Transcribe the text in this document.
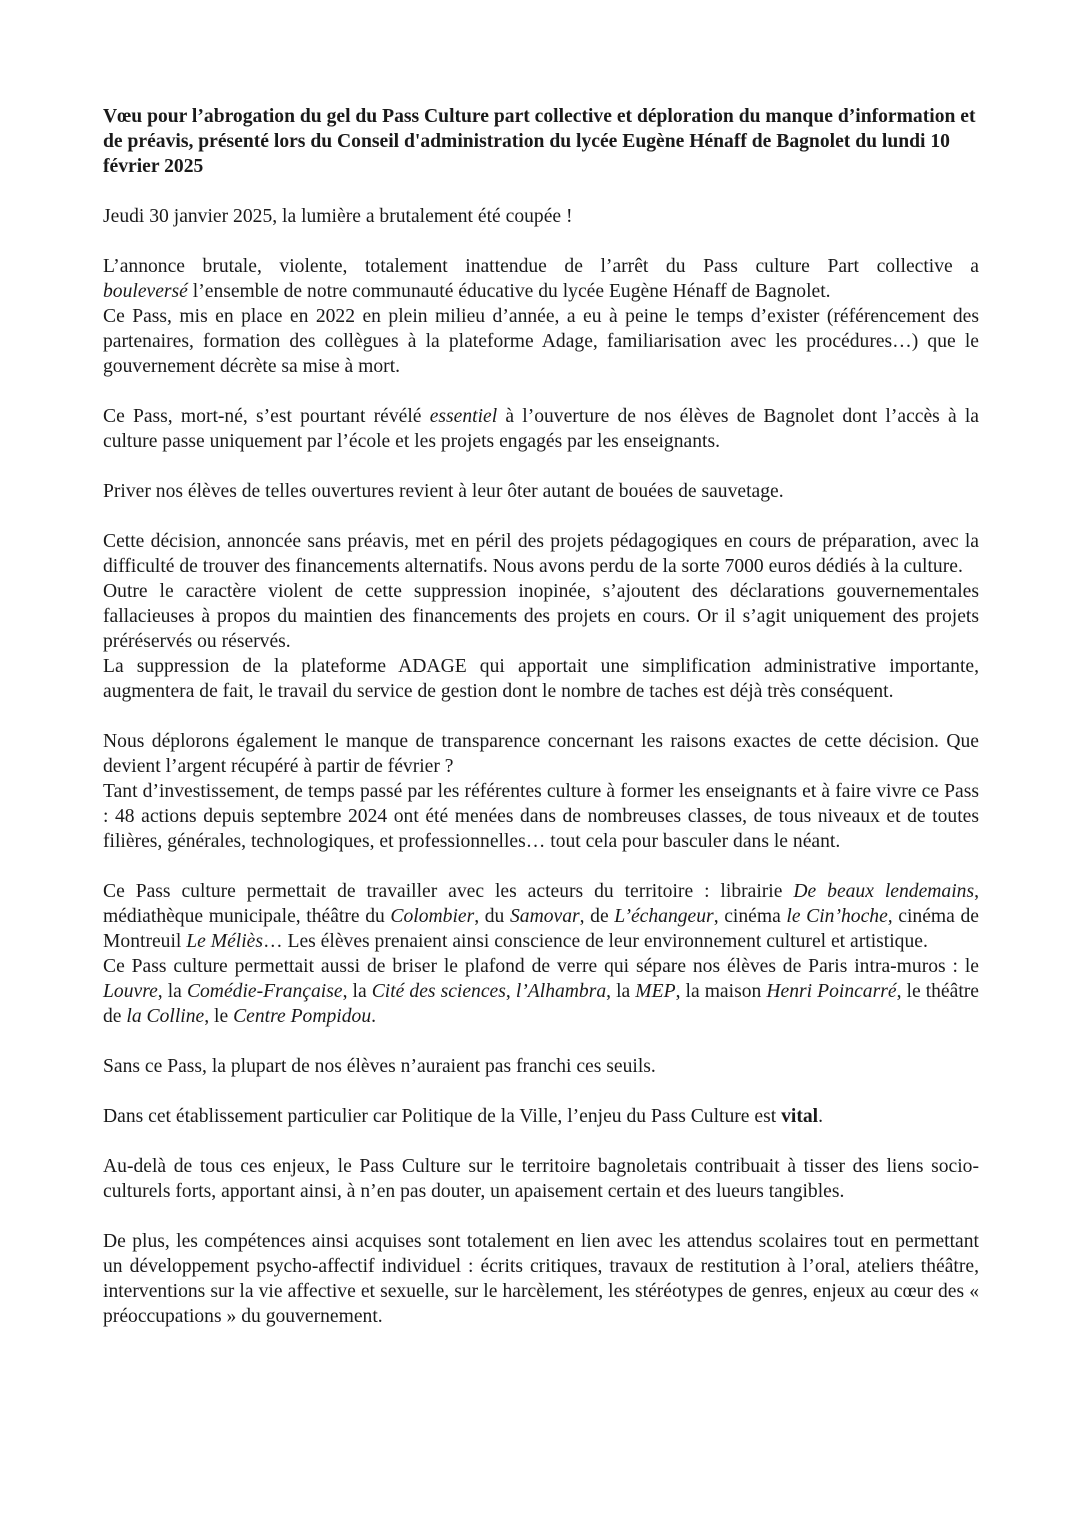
Vœu pour l’abrogation du gel du Pass Culture part collective et déploration du manque d’information et de préavis, présenté lors du Conseil d'administration du lycée Eugène Hénaff de Bagnolet du lundi 10 février 2025

Jeudi 30 janvier 2025, la lumière a brutalement été coupée !

L’annonce brutale, violente, totalement inattendue de l’arrêt du Pass culture Part collective a

bouleversé l’ensemble de notre communauté éducative du lycée Eugène Hénaff de Bagnolet.

Ce Pass, mis en place en 2022 en plein milieu d’année, a eu à peine le temps d’exister (référencement des partenaires, formation des collègues à la plateforme Adage, familiarisation avec les procédures…) que le gouvernement décrète sa mise à mort.

Ce Pass, mort-né, s’est pourtant révélé essentiel à l’ouverture de nos élèves de Bagnolet dont l’accès à la culture passe uniquement par l’école et les projets engagés par les enseignants.

Priver nos élèves de telles ouvertures revient à leur ôter autant de bouées de sauvetage.

Cette décision, annoncée sans préavis, met en péril des projets pédagogiques en cours de préparation, avec la difficulté de trouver des financements alternatifs. Nous avons perdu de la sorte 7000 euros dédiés à la culture.

Outre le caractère violent de cette suppression inopinée, s’ajoutent des déclarations gouvernementales fallacieuses à propos du maintien des financements des projets en cours. Or il s’agit uniquement des projets préréservés ou réservés.

La suppression de la plateforme ADAGE qui apportait une simplification administrative importante, augmentera de fait, le travail du service de gestion dont le nombre de taches est déjà très conséquent.

Nous déplorons également le manque de transparence concernant les raisons exactes de cette décision. Que devient l’argent récupéré à partir de février ?

Tant d’investissement, de temps passé par les référentes culture à former les enseignants et à faire vivre ce Pass : 48 actions depuis septembre 2024 ont été menées dans de nombreuses classes, de tous niveaux et de toutes filières, générales, technologiques, et professionnelles… tout cela pour basculer dans le néant.

Ce Pass culture permettait de travailler avec les acteurs du territoire : librairie De beaux lendemains, médiathèque municipale, théâtre du Colombier, du Samovar, de L’échangeur, cinéma le Cin’hoche, cinéma de Montreuil Le Méliès… Les élèves prenaient ainsi conscience de leur environnement culturel et artistique.

Ce Pass culture permettait aussi de briser le plafond de verre qui sépare nos élèves de Paris intra-muros : le Louvre, la Comédie-Française, la Cité des sciences, l’Alhambra, la MEP, la maison Henri Poincarré, le théâtre de la Colline, le Centre Pompidou.

Sans ce Pass, la plupart de nos élèves n’auraient pas franchi ces seuils.

Dans cet établissement particulier car Politique de la Ville, l’enjeu du Pass Culture est vital.

Au-delà de tous ces enjeux, le Pass Culture sur le territoire bagnoletais contribuait à tisser des liens socio-culturels forts, apportant ainsi, à n’en pas douter, un apaisement certain et des lueurs tangibles.

De plus, les compétences ainsi acquises sont totalement en lien avec les attendus scolaires tout en permettant un développement psycho-affectif individuel : écrits critiques, travaux de restitution à l’oral, ateliers théâtre, interventions sur la vie affective et sexuelle, sur le harcèlement, les stéréotypes de genres, enjeux au cœur des « préoccupations » du gouvernement.
